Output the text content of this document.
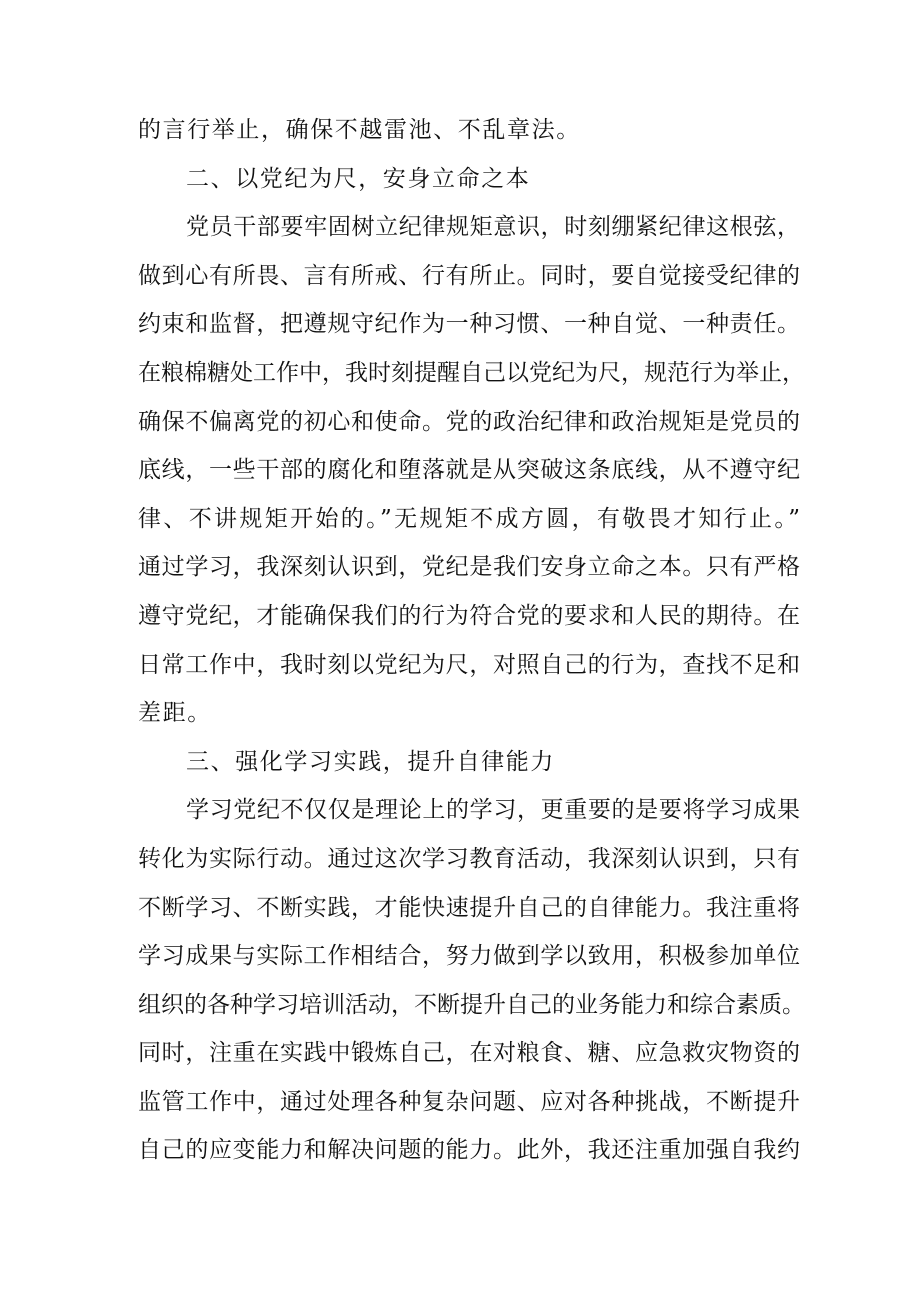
的言行举止，确保不越雷池、不乱章法。
二、以党纪为尺，安身立命之本
党员干部要牢固树立纪律规矩意识，时刻绷紧纪律这根弦，
做到心有所畏、言有所戒、行有所止。同时，要自觉接受纪律的
约束和监督，把遵规守纪作为一种习惯、一种自觉、一种责任。
在粮棉糖处工作中，我时刻提醒自己以党纪为尺，规范行为举止，
确保不偏离党的初心和使命。党的政治纪律和政治规矩是党员的
底线，一些干部的腐化和堕落就是从突破这条底线，从不遵守纪
律、不讲规矩开始的。”无规矩不成方圆，有敬畏才知行止。”
通过学习，我深刻认识到，党纪是我们安身立命之本。只有严格
遵守党纪，才能确保我们的行为符合党的要求和人民的期待。在
日常工作中，我时刻以党纪为尺，对照自己的行为，查找不足和
差距。
三、强化学习实践，提升自律能力
学习党纪不仅仅是理论上的学习，更重要的是要将学习成果
转化为实际行动。通过这次学习教育活动，我深刻认识到，只有
不断学习、不断实践，才能快速提升自己的自律能力。我注重将
学习成果与实际工作相结合，努力做到学以致用，积极参加单位
组织的各种学习培训活动，不断提升自己的业务能力和综合素质。
同时，注重在实践中锻炼自己，在对粮食、糖、应急救灾物资的
监管工作中，通过处理各种复杂问题、应对各种挑战，不断提升
自己的应变能力和解决问题的能力。此外，我还注重加强自我约
